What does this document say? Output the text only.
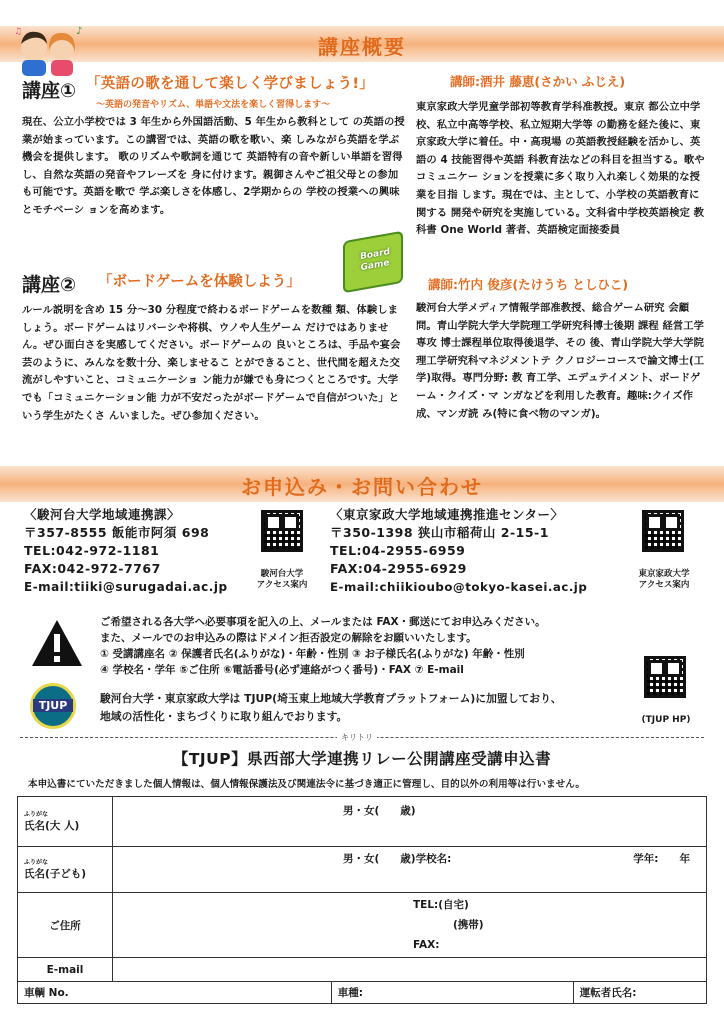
講座概要
♪
♫
講座① 「英語の歌を通して楽しく学びましょう!」
～英語の発音やリズム、単語や文法を楽しく習得します～
現在、公立小学校では 3 年生から外国語活動、5 年生から教科として の英語の授業が始まっています。この講習では、英語の歌を歌い、楽 しみながら英語を学ぶ機会を提供します。 歌のリズムや歌詞を通じて 英語特有の音や新しい単語を習得し、自然な英語の発音やフレーズを 身に付けます。親御さんやご祖父母との参加も可能です。英語を歌で 学ぶ楽しさを体感し、2学期からの 学校の授業への興味とモチベーシ ョンを高めます。
講師:酒井 藤恵(さかい ふじえ)
東京家政大学児童学部初等教育学科准教授。東京 都公立中学校、私立中高等学校、私立短期大学等 の勤務を経た後に、東京家政大学に着任。中・高現場 の英語教授経験を活かし、英語の 4 技能習得や英語 科教育法などの科目を担当する。歌やコミュニケー ションを授業に多く取り入れ楽しく効果的な授業を目指 します。現在では、主として、小学校の英語教育に関する 開発や研究を実施している。文科省中学校英語検定 教科書 One World 著者、英語検定面接委員
講座② 「ボードゲームを体験しよう」
Board Game
ルール説明を含め 15 分～30 分程度で終わるボードゲームを数種 類、体験しましょう。ボードゲームはリバーシや将棋、ウノや人生ゲーム だけではありません。ぜひ面白さを実感してください。ボードゲームの 良いところは、手品や宴会芸のように、みんなを数十分、楽しませるこ とができること、世代間を超えた交流がしやすいこと、コミュニケーショ ン能力が嫌でも身につくところです。大学でも「コミュニケーション能 力が不安だったがボードゲームで自信がついた」という学生がたくさ んいました。ぜひ参加ください。
講師:竹内 俊彦(たけうち としひこ)
駿河台大学メディア情報学部准教授、総合ゲーム研究 会顧問。青山学院大学大学院理工学研究科博士後期 課程 経営工学専攻 博士課程単位取得後退学、その 後、青山学院大学大学院理工学研究科マネジメントテ クノロジーコースで論文博士(工学)取得。専門分野: 教 育工学、エデュテイメント、ボードゲーム・クイズ・マ ンガなどを利用した教育。趣味:クイズ作成、マンガ読 み(特に食べ物のマンガ)。
お申込み・お問い合わせ
〈駿河台大学地域連携課〉
〒357-8555 飯能市阿須 698
TEL:042-972-1181
FAX:042-972-7767
E-mail:tiiki@surugadai.ac.jp
駿河台大学
アクセス案内
〈東京家政大学地域連携推進センター〉
〒350-1398 狭山市稲荷山 2-15-1
TEL:04-2955-6959
FAX:04-2955-6929
E-mail:chiikioubo@tokyo-kasei.ac.jp
東京家政大学
アクセス案内
ご希望される各大学へ必要事項を記入の上、メールまたは FAX・郵送にてお申込みください。
また、メールでのお申込みの際はドメイン拒否設定の解除をお願いいたします。
① 受講講座名 ② 保護者氏名(ふりがな)・年齢・性別 ③ お子様氏名(ふりがな) 年齢・性別
④ 学校名・学年 ⑤ご住所 ⑥電話番号(必ず連絡がつく番号)・FAX ⑦ E-mail
TJUP
駿河台大学・東京家政大学は TJUP(埼玉東上地域大学教育プラットフォーム)に加盟しており、
地域の活性化・まちづくりに取り組んでおります。	(TJUP HP)
キリトリ
【TJUP】県西部大学連携リレー公開講座受講申込書
本申込書にていただきました個人情報は、個人情報保護法及び関連法令に基づき適正に管理し、目的以外の利用等は行いません。
ふりがな
氏名(大 人)	男・女(　　歳)		

ふりがな
氏名(子ども)	男・女(　　歳)学校名:		学年:　　年
ご住所	TEL:(自宅)
(携帯)
FAX:		

E-mail			
車輌 No.		車種:	運転者氏名:
